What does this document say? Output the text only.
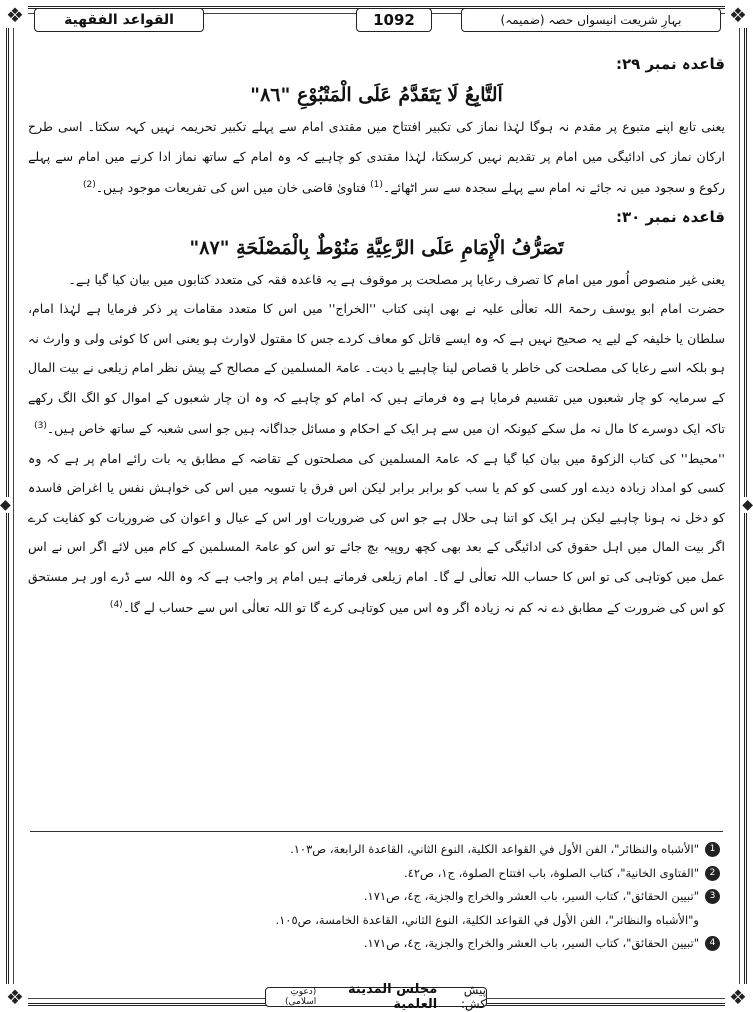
❖	❖
❖	❖
◆	◆
القواعد الفقهية	1092	بہارِ شریعت انیسواں حصہ (ضمیمہ)
قاعدہ نمبر ۲۹:
اَلتَّابِعُ لَا يَتَقَدَّمُ عَلَى الْمَتْبُوْعِ "٨٦"

یعنی تابع اپنے متبوع پر مقدم نہ ہوگا لہٰذا نماز کی تکبیر افتتاح میں مقتدی امام سے پہلے تکبیر تحریمہ نہیں کہہ سکتا۔ اسی طرح ارکان نماز کی ادائیگی میں امام پر تقدیم نہیں کرسکتا، لہٰذا مقتدی کو چاہیے کہ وہ امام کے ساتھ نماز ادا کرنے میں امام سے پہلے رکوع و سجود میں نہ جائے نہ امام سے پہلے سجدہ سے سر اٹھائے۔$^{(1)}$ فتاویٰ قاضی خان میں اس کی تفریعات موجود ہیں۔$^{(2)}$

قاعدہ نمبر ۳۰:
تَصَرُّفُ الْإِمَامِ عَلَى الرَّعِيَّةِ مَنُوْطٌ بِالْمَصْلَحَةِ "٨٧"

یعنی غیر منصوص اُمور میں امام کا تصرف رعایا پر مصلحت پر موقوف ہے یہ قاعدہ فقہ کی متعدد کتابوں میں بیان کیا گیا ہے۔

حضرت امام ابو یوسف رحمۃ اللہ تعالٰی علیہ نے بھی اپنی کتاب ''الخراج'' میں اس کا متعدد مقامات پر ذکر فرمایا ہے لہٰذا امام، سلطان یا خلیفہ کے لیے یہ صحیح نہیں ہے کہ وہ ایسے قاتل کو معاف کردے جس کا مقتول لاوارث ہو یعنی اس کا کوئی ولی و وارث نہ ہو بلکہ اسے رعایا کی مصلحت کی خاطر یا قصاص لینا چاہیے یا دیت۔ عامۃ المسلمین کے مصالح کے پیش نظر امام زیلعی نے بیت المال کے سرمایہ کو چار شعبوں میں تقسیم فرمایا ہے وہ فرماتے ہیں کہ امام کو چاہیے کہ وہ ان چار شعبوں کے اموال کو الگ الگ رکھے تاکہ ایک دوسرے کا مال نہ مل سکے کیونکہ ان میں سے ہر ایک کے احکام و مسائل جداگانہ ہیں جو اسی شعبہ کے ساتھ خاص ہیں۔$^{(3)}$

''محیط'' کی کتاب الزکوۃ میں بیان کیا گیا ہے کہ عامۃ المسلمین کی مصلحتوں کے تقاضہ کے مطابق یہ بات رائے امام پر ہے کہ وہ کسی کو امداد زیادہ دیدے اور کسی کو کم یا سب کو برابر برابر لیکن اس فرق یا تسویہ میں اس کی خواہش نفس یا اغراض فاسدہ کو دخل نہ ہونا چاہیے لیکن ہر ایک کو اتنا ہی حلال ہے جو اس کی ضروریات اور اس کے عیال و اعوان کی ضروریات کو کفایت کرے اگر بیت المال میں اہل حقوق کی ادائیگی کے بعد بھی کچھ روپیہ بچ جائے تو اس کو عامۃ المسلمین کے کام میں لائے اگر اس نے اس عمل میں کوتاہی کی تو اس کا حساب اللہ تعالٰی لے گا۔ امام زیلعی فرماتے ہیں امام پر واجب ہے کہ وہ اللہ سے ڈرے اور ہر مستحق کو اس کی ضرورت کے مطابق دے نہ کم نہ زیادہ اگر وہ اس میں کوتاہی کرے گا تو اللہ تعالٰی اس سے حساب لے گا۔$^{(4)}$

1
"الأشباه والنظائر"، الفن الأول في القواعد الكلية، النوع الثاني، القاعدة الرابعة، ص١٠٣.
2
"الفتاوى الخانية"، كتاب الصلوة، باب افتتاح الصلوة، ج١، ص٤٢.
3
"تبيين الحقائق"، كتاب السير، باب العشر والخراج والجزية، ج٤، ص١٧١.
و"الأشباه والنظائر"، الفن الأول في القواعد الكلية، النوع الثاني، القاعدة الخامسة، ص١٠٥.
4
"تبيين الحقائق"، كتاب السير، باب العشر والخراج والجزية، ج٤، ص١٧١.
پیش کش:
مجلس المدينة العلمية
(دعوتِ اسلامی)
